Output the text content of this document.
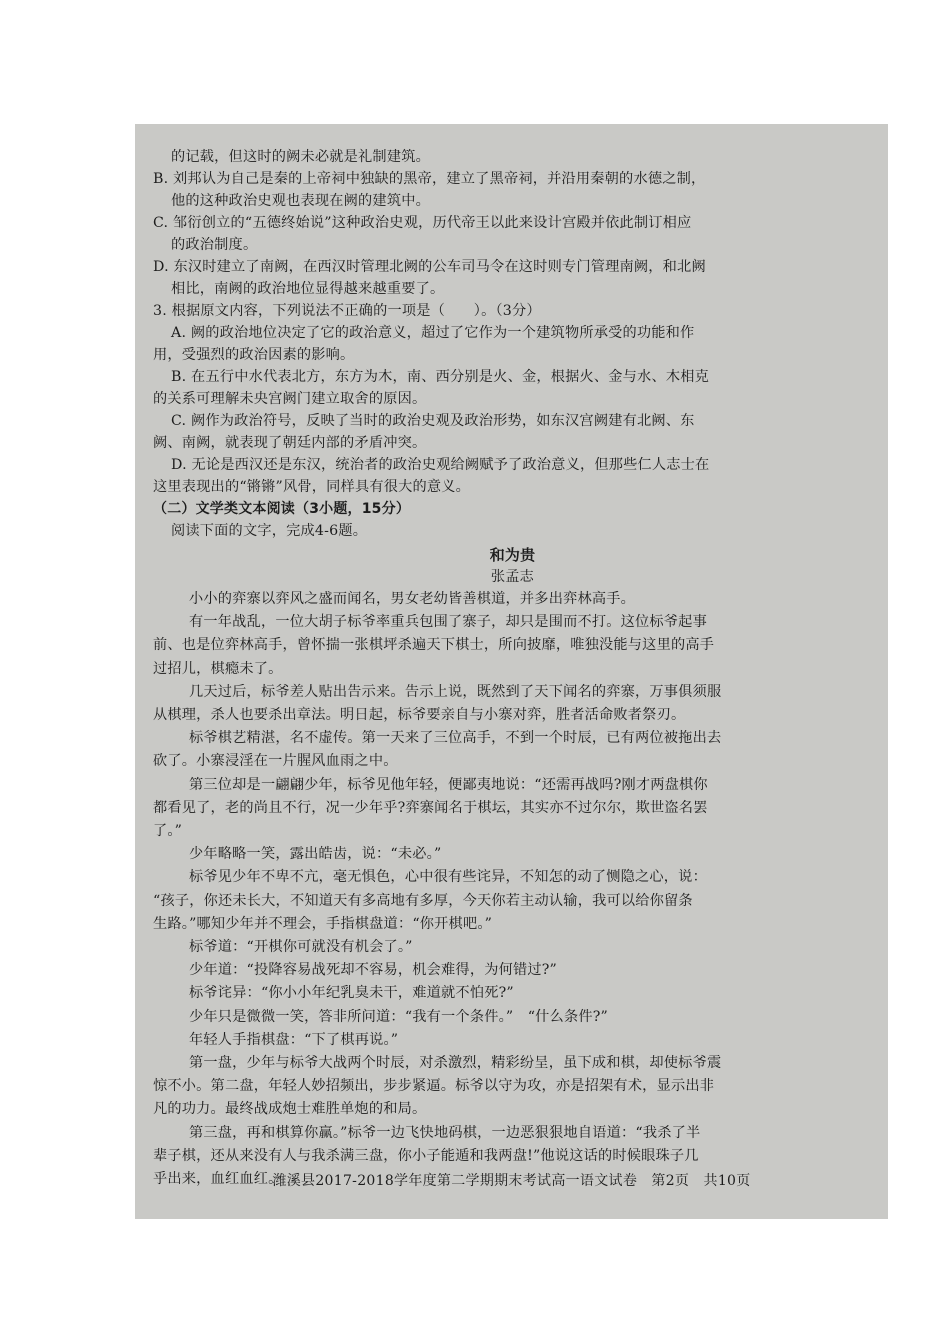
的记载，但这时的阙未必就是礼制建筑。
B. 刘邦认为自己是秦的上帝祠中独缺的黑帝，建立了黑帝祠，并沿用秦朝的水德之制，
他的这种政治史观也表现在阙的建筑中。
C. 邹衍创立的“五德终始说”这种政治史观，历代帝王以此来设计宫殿并依此制订相应
的政治制度。
D. 东汉时建立了南阙，在西汉时管理北阙的公车司马令在这时则专门管理南阙，和北阙
相比，南阙的政治地位显得越来越重要了。
3. 根据原文内容，下列说法不正确的一项是（　　）。（3分）
A. 阙的政治地位决定了它的政治意义，超过了它作为一个建筑物所承受的功能和作
用，受强烈的政治因素的影响。
B. 在五行中水代表北方，东方为木，南、西分别是火、金，根据火、金与水、木相克
的关系可理解未央宫阙门建立取舍的原因。
C. 阙作为政治符号，反映了当时的政治史观及政治形势，如东汉宫阙建有北阙、东
阙、南阙，就表现了朝廷内部的矛盾冲突。
D. 无论是西汉还是东汉，统治者的政治史观给阙赋予了政治意义，但那些仁人志士在
这里表现出的“锵锵”风骨，同样具有很大的意义。
（二）文学类文本阅读（3小题，15分）
阅读下面的文字，完成4-6题。
和为贵
张孟志
小小的弈寨以弈风之盛而闻名，男女老幼皆善棋道，并多出弈林高手。
有一年战乱，一位大胡子标爷率重兵包围了寨子，却只是围而不打。这位标爷起事
前、也是位弈林高手，曾怀揣一张棋坪杀遍天下棋士，所向披靡，唯独没能与这里的高手
过招儿，棋瘾未了。
几天过后，标爷差人贴出告示来。告示上说，既然到了天下闻名的弈寨，万事俱须服
从棋理，杀人也要杀出章法。明日起，标爷要亲自与小寨对弈，胜者活命败者祭刃。
标爷棋艺精湛，名不虚传。第一天来了三位高手，不到一个时辰，已有两位被拖出去
砍了。小寨浸淫在一片腥风血雨之中。
第三位却是一翩翩少年，标爷见他年轻，便鄙夷地说：“还需再战吗?刚才两盘棋你
都看见了，老的尚且不行，况一少年乎?弈寨闻名于棋坛，其实亦不过尔尔，欺世盗名罢
了。”
少年略略一笑，露出皓齿，说：“未必。”
标爷见少年不卑不亢，毫无惧色，心中很有些诧异，不知怎的动了恻隐之心，说：
“孩子，你还未长大，不知道天有多高地有多厚，今天你若主动认输，我可以给你留条
生路。”哪知少年并不理会，手指棋盘道：“你开棋吧。”
标爷道：“开棋你可就没有机会了。”
少年道：“投降容易战死却不容易，机会难得，为何错过?”
标爷诧异：“你小小年纪乳臭未干，难道就不怕死?”
少年只是微微一笑，答非所问道：“我有一个条件。”　“什么条件?”
年轻人手指棋盘：“下了棋再说。”
第一盘，少年与标爷大战两个时辰，对杀激烈，精彩纷呈，虽下成和棋，却使标爷震
惊不小。第二盘，年轻人妙招频出，步步紧逼。标爷以守为攻，亦是招架有术，显示出非
凡的功力。最终战成炮士难胜单炮的和局。
第三盘，再和棋算你赢。”标爷一边飞快地码棋，一边恶狠狠地自语道：“我杀了半
辈子棋，还从来没有人与我杀满三盘，你小子能遁和我两盘!”他说这话的时候眼珠子几
乎出来，血红血红。
潍溪县2017-2018学年度第二学期期末考试高一语文试卷　第2页　共10页
